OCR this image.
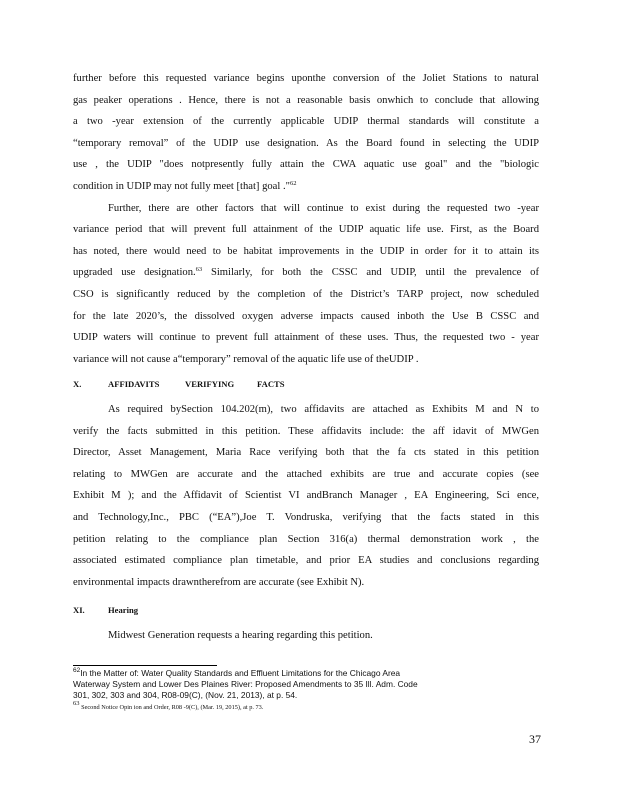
further before this requested variance begins uponthe conversion of the Joliet Stations to natural
gas peaker operations . Hence, there is not a reasonable basis onwhich to conclude that allowing
a two -year extension of the currently applicable UDIP thermal standards will constitute a
“temporary removal” of the UDIP use designation. As the Board found in selecting the UDIP
use , the UDIP "does notpresently fully attain the CWA aquatic use goal" and the "biologic
condition in UDIP may not fully meet [that] goal ."$^{62}$
Further, there are other factors that will continue to exist during the requested two -year
variance period that will prevent full attainment of the UDIP aquatic life use. First, as the Board
has noted, there would need to be habitat improvements in the UDIP in order for it to attain its
upgraded use designation.$^{63}$ Similarly, for both the CSSC and UDIP, until the prevalence of
CSO is significantly reduced by the completion of the District’s TARP project, now scheduled
for the late 2020’s, the dissolved oxygen adverse impacts caused inboth the Use B CSSC and
UDIP waters will continue to prevent full attainment of these uses. Thus, the requested two - year
variance will not cause a“temporary” removal of the aquatic life use of theUDIP .
X.	AFFIDAVITS	VERIFYING	FACTS
As required bySection 104.202(m), two affidavits are attached as Exhibits M and N to
verify the facts submitted in this petition. These affidavits include: the aff idavit of MWGen
Director, Asset Management, Maria Race verifying both that the fa cts stated in this petition
relating to MWGen are accurate and the attached exhibits are true and accurate copies (see
Exhibit M ); and the Affidavit of Scientist VI andBranch Manager , EA Engineering, Sci ence,
and Technology,Inc., PBC (“EA”),Joe T. Vondruska, verifying that the facts stated in this
petition relating to the compliance plan Section 316(a) thermal demonstration work , the
associated estimated compliance plan timetable, and prior EA studies and conclusions regarding
environmental impacts drawntherefrom are accurate (see Exhibit N).
XI.	Hearing
Midwest Generation requests a hearing regarding this petition.
$^{62}$In the Matter of: Water Quality Standards and Effluent Limitations for the Chicago Area
Waterway System and Lower Des Plaines River: Proposed Amendments to 35 Ill. Adm. Code
301, 302, 303 and 304, R08-09(C), (Nov. 21, 2013), at p. 54.
$^{63}$ Second Notice Opin ion and Order, R08 -9(C), (Mar. 19, 2015), at p. 73.
37
